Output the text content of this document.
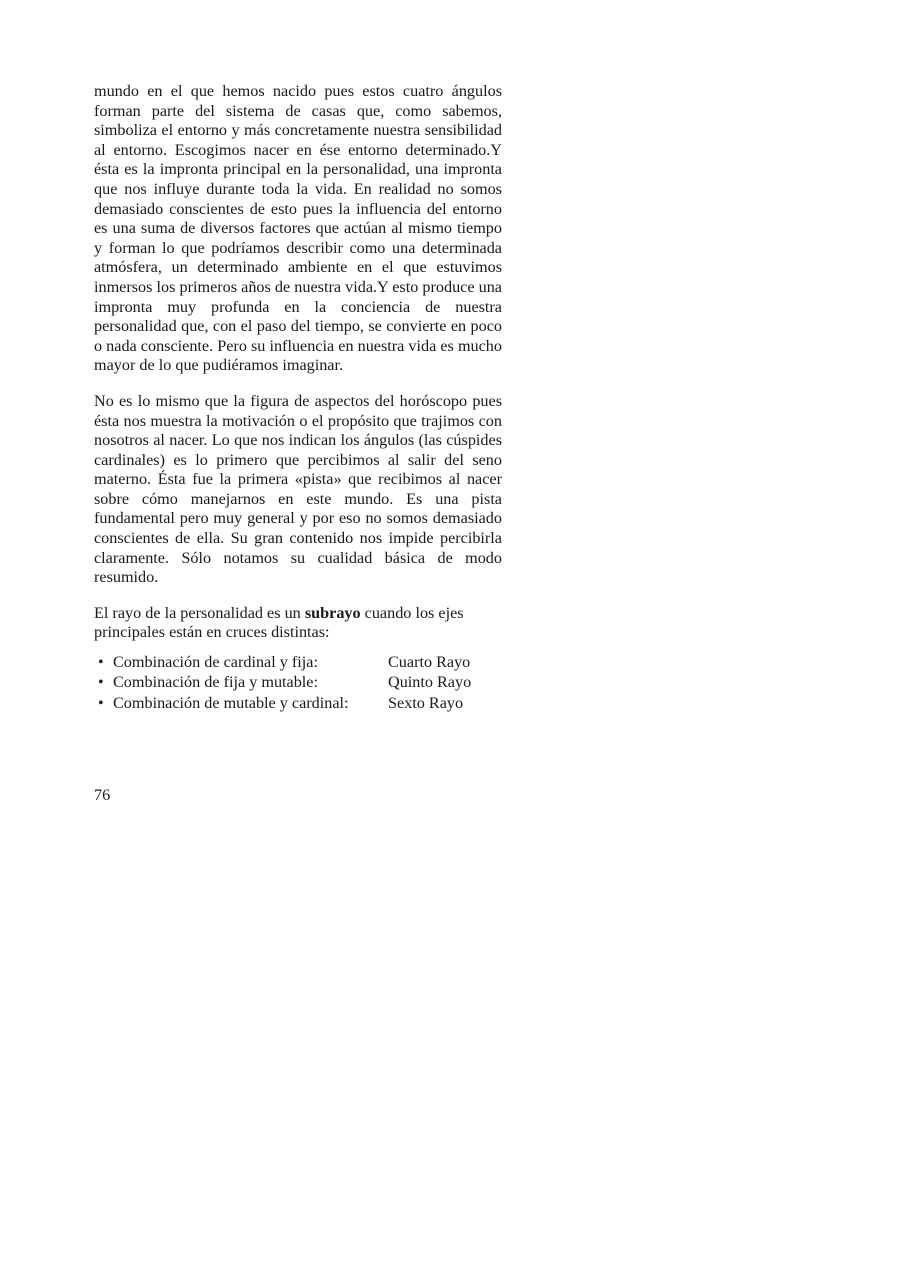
mundo en el que hemos nacido pues estos cuatro ángulos forman parte del sistema de casas que, como sabemos, simboliza el entorno y más concretamente nuestra sensibilidad al entorno. Escogimos nacer en ése entorno determinado.Y ésta es la impronta principal en la personalidad, una impronta que nos influye durante toda la vida. En realidad no somos demasiado conscientes de esto pues la influencia del entorno es una suma de diversos factores que actúan al mismo tiempo y forman lo que podríamos describir como una determinada atmósfera, un determinado ambiente en el que estuvimos inmersos los primeros años de nuestra vida.Y esto produce una impronta muy profunda en la conciencia de nuestra personalidad que, con el paso del tiempo, se convierte en poco o nada consciente. Pero su influencia en nuestra vida es mucho mayor de lo que pudiéramos imaginar.

No es lo mismo que la figura de aspectos del horóscopo pues ésta nos muestra la motivación o el propósito que trajimos con nosotros al nacer. Lo que nos indican los ángulos (las cúspides cardinales) es lo primero que percibimos al salir del seno materno. Ésta fue la primera «pista» que recibimos al nacer sobre cómo manejarnos en este mundo. Es una pista fundamental pero muy general y por eso no somos demasiado conscientes de ella. Su gran contenido nos impide percibirla claramente. Sólo notamos su cualidad básica de modo resumido.

El rayo de la personalidad es un subrayo cuando los ejes principales están en cruces distintas:

• Combinación de cardinal y fija:	Cuarto Rayo
• Combinación de fija y mutable:	Quinto Rayo
• Combinación de mutable y cardinal:	Sexto Rayo
76
